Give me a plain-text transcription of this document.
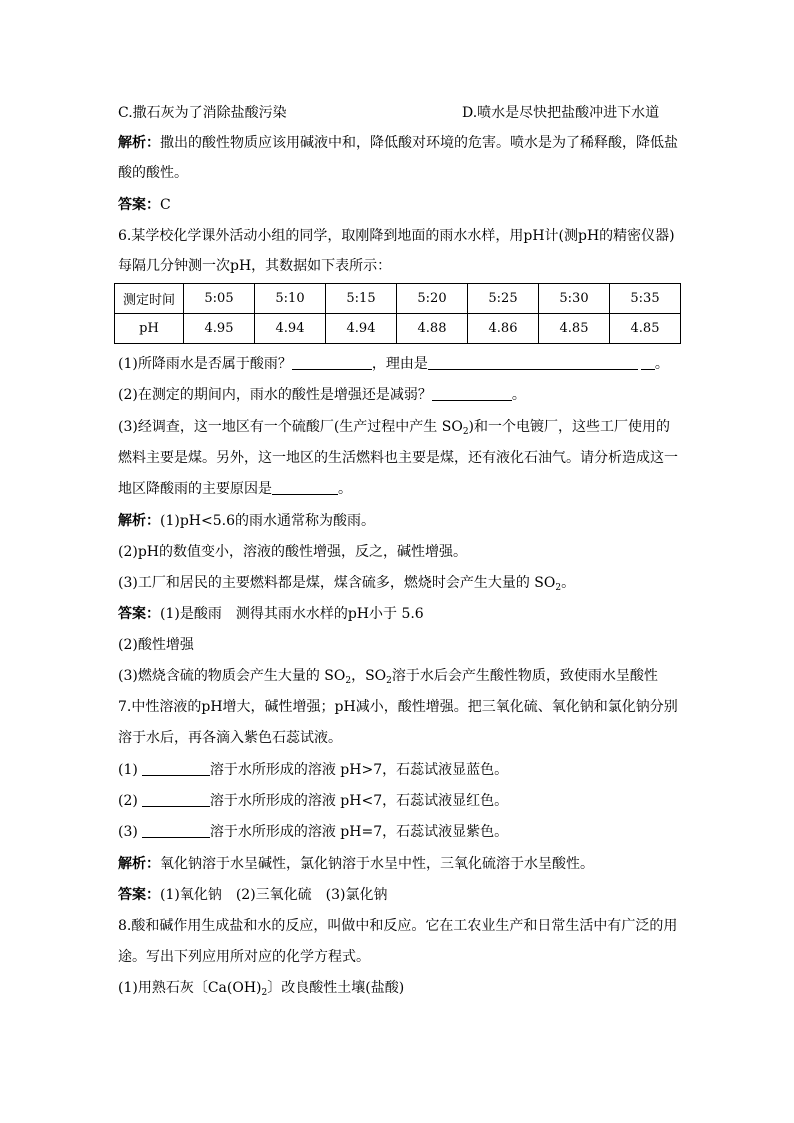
C.撒石灰为了消除盐酸污染	D.喷水是尽快把盐酸冲进下水道
解析：撒出的酸性物质应该用碱液中和，降低酸对环境的危害。喷水是为了稀释酸，降低盐
酸的酸性。
答案：C
6.某学校化学课外活动小组的同学，取刚降到地面的雨水水样，用pH计(测pH的精密仪器)
每隔几分钟测一次pH，其数据如下表所示：
测定时间	5:05	5:10	5:15	5:20	5:25	5:30	5:35
pH	4.95	4.94	4.94	4.88	4.86	4.85	4.85
(1)所降雨水是否属于酸雨？	，理由是	。
(2)在测定的期间内，雨水的酸性是增强还是减弱？	。
(3)经调查，这一地区有一个硫酸厂(生产过程中产生 $SO_2$)和一个电镀厂，这些工厂使用的
燃料主要是煤。另外，这一地区的生活燃料也主要是煤，还有液化石油气。请分析造成这一
地区降酸雨的主要原因是	。
解析：(1)pH<5.6的雨水通常称为酸雨。
(2)pH的数值变小，溶液的酸性增强，反之，碱性增强。
(3)工厂和居民的主要燃料都是煤，煤含硫多，燃烧时会产生大量的 $SO_2$。
答案：(1)是酸雨　测得其雨水水样的pH小于 5.6
(2)酸性增强
(3)燃烧含硫的物质会产生大量的 $SO_2$，$SO_2$溶于水后会产生酸性物质，致使雨水呈酸性
7.中性溶液的pH增大，碱性增强；pH减小，酸性增强。把三氧化硫、氧化钠和氯化钠分别
溶于水后，再各滴入紫色石蕊试液。
(1)	溶于水所形成的溶液 pH>7，石蕊试液显蓝色。
(2)	溶于水所形成的溶液 pH<7，石蕊试液显红色。
(3)	溶于水所形成的溶液 pH=7，石蕊试液显紫色。
解析：氧化钠溶于水呈碱性，氯化钠溶于水呈中性，三氧化硫溶于水呈酸性。
答案：(1)氧化钠　(2)三氧化硫　(3)氯化钠
8.酸和碱作用生成盐和水的反应，叫做中和反应。它在工农业生产和日常生活中有广泛的用
途。写出下列应用所对应的化学方程式。
(1)用熟石灰〔$Ca(OH)_2$〕改良酸性土壤(盐酸)
